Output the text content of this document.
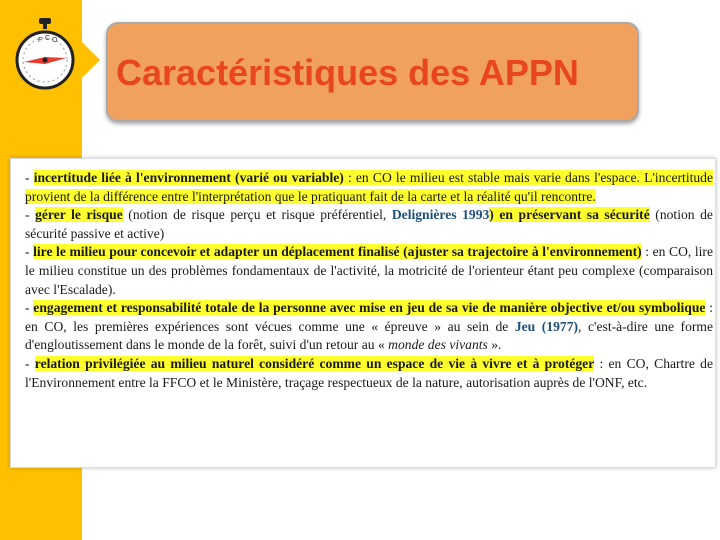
F C O
Caractéristiques des APPN

- incertitude liée à l'environnement (varié ou variable) : en CO le milieu est stable mais varie dans l'espace. L'incertitude provient de la différence entre l'interprétation que le pratiquant fait de la carte et la réalité qu'il rencontre.

- gérer le risque (notion de risque perçu et risque préférentiel, Delignières 1993) en préservant sa sécurité (notion de sécurité passive et active)

- lire le milieu pour concevoir et adapter un déplacement finalisé (ajuster sa trajectoire à l'environnement) : en CO, lire le milieu constitue un des problèmes fondamentaux de l'activité, la motricité de l'orienteur étant peu complexe (comparaison avec l'Escalade).

- engagement et responsabilité totale de la personne avec mise en jeu de sa vie de manière objective et/ou symbolique : en CO, les premières expériences sont vécues comme une « épreuve » au sein de Jeu (1977), c'est-à-dire une forme d'engloutissement dans le monde de la forêt, suivi d'un retour au « monde des vivants ».

- relation privilégiée au milieu naturel considéré comme un espace de vie à vivre et à protéger : en CO, Chartre de l'Environnement entre la FFCO et le Ministère, traçage respectueux de la nature, autorisation auprès de l'ONF, etc.
